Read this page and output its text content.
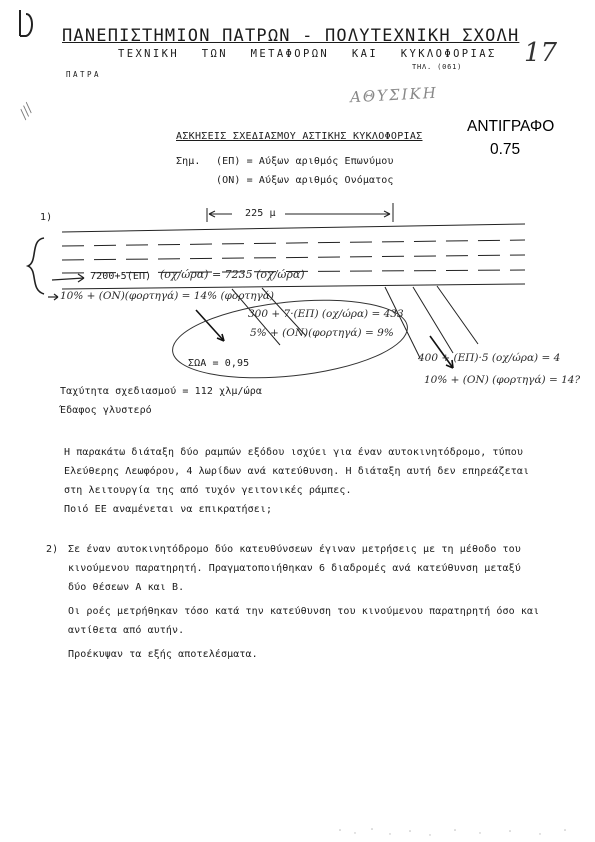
ΠΑΝΕΠΙΣΤΗΜΙΟΝ ΠΑΤΡΩΝ - ΠΟΛΥΤΕΧΝΙΚΗ ΣΧΟΛΗ
ΤΕΧΝΙΚΗ ΤΩΝ ΜΕΤΑΦΟΡΩΝ ΚΑΙ ΚΥΚΛΟΦΟΡΙΑΣ
ΠΑΤΡΑ
ΤΗΛ. (061) 17
ΑΘΥΣΙΚΗ
///
ΑΝΤΙΓΡΑΦΟ
0.75
ΑΣΚΗΣΕΙΣ ΣΧΕΔΙΑΣΜΟΥ ΑΣΤΙΚΗΣ ΚΥΚΛΟΦΟΡΙΑΣ
Σημ. (ΕΠ) = Αύξων αριθμός Επωνύμου
(ΟΝ) = Αύξων αριθμός Ονόματος
1)	225 μ
7200+5(ΕΠ) (οχ/ώρα) = 7235 (οχ/ώρα)
10% + (ΟΝ)(φορτηγά) = 14% (φορτηγά)
300 + 7·(ΕΠ) (οχ/ώρα) = 433
5% + (ΟΝ)(φορτηγά) = 9%
ΣΩΑ = 0,95	400 + (ΕΠ)·5 (οχ/ώρα) = 4
10% + (ΟΝ) (φορτηγά) = 14?
Ταχύτητα σχεδιασμού = 112 χλμ/ώρα
Έδαφος γλυστερό
Η παρακάτω διάταξη δύο ραμπών εξόδου ισχύει για έναν αυτοκινητόδρομο, τύπου
Ελεύθερης Λεωφόρου, 4 λωρίδων ανά κατεύθυνση. Η διάταξη αυτή δεν επηρεάζεται
στη λειτουργία της από τυχόν γειτονικές ράμπες.
Ποιό ΕΕ αναμένεται να επικρατήσει;
2) Σε έναν αυτοκινητόδρομο δύο κατευθύνσεων έγιναν μετρήσεις με τη μέθοδο του
κινούμενου παρατηρητή. Πραγματοποιήθηκαν 6 διαδρομές ανά κατεύθυνση μεταξύ
δύο θέσεων Α και Β.
Οι ροές μετρήθηκαν τόσο κατά την κατεύθυνση του κινούμενου παρατηρητή όσο και
αντίθετα από αυτήν.
Προέκυψαν τα εξής αποτελέσματα.
